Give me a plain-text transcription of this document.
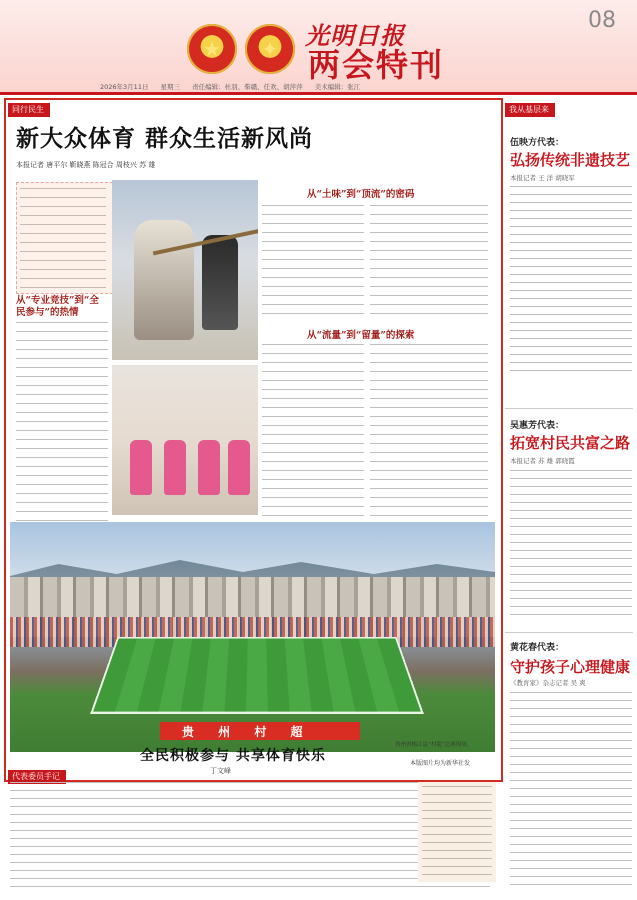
★	✦	光明日报
两会特刊
08
2026年3月11日 星期三 责任编辑：杜羽、柴赣、任欢、胡萍萍 美术编辑：张江
同行民生
新大众体育 群众生活新风尚
本报记者 唐平尔 靳晓燕 陈冠合 周枝兴 苏 雄
从“专业竞技”到“全民参与”的热情
从“土味”到“顶流”的密码
从“流量”到“留量”的探索
贵 州 村 超
贵州省榕江县“村超”比赛现场。
本版图片均为新华社发
代表委员手记
全民积极参与 共享体育快乐
丁文峰
我从基层来
伍映方代表：
弘扬传统非遗技艺
本报记者 王 洋 胡晓军
吴惠芳代表：
拓宽村民共富之路
本报记者 苏 雄 郭晓霞
黄花春代表：
守护孩子心理健康
《教育家》杂志记者 吴 爽
